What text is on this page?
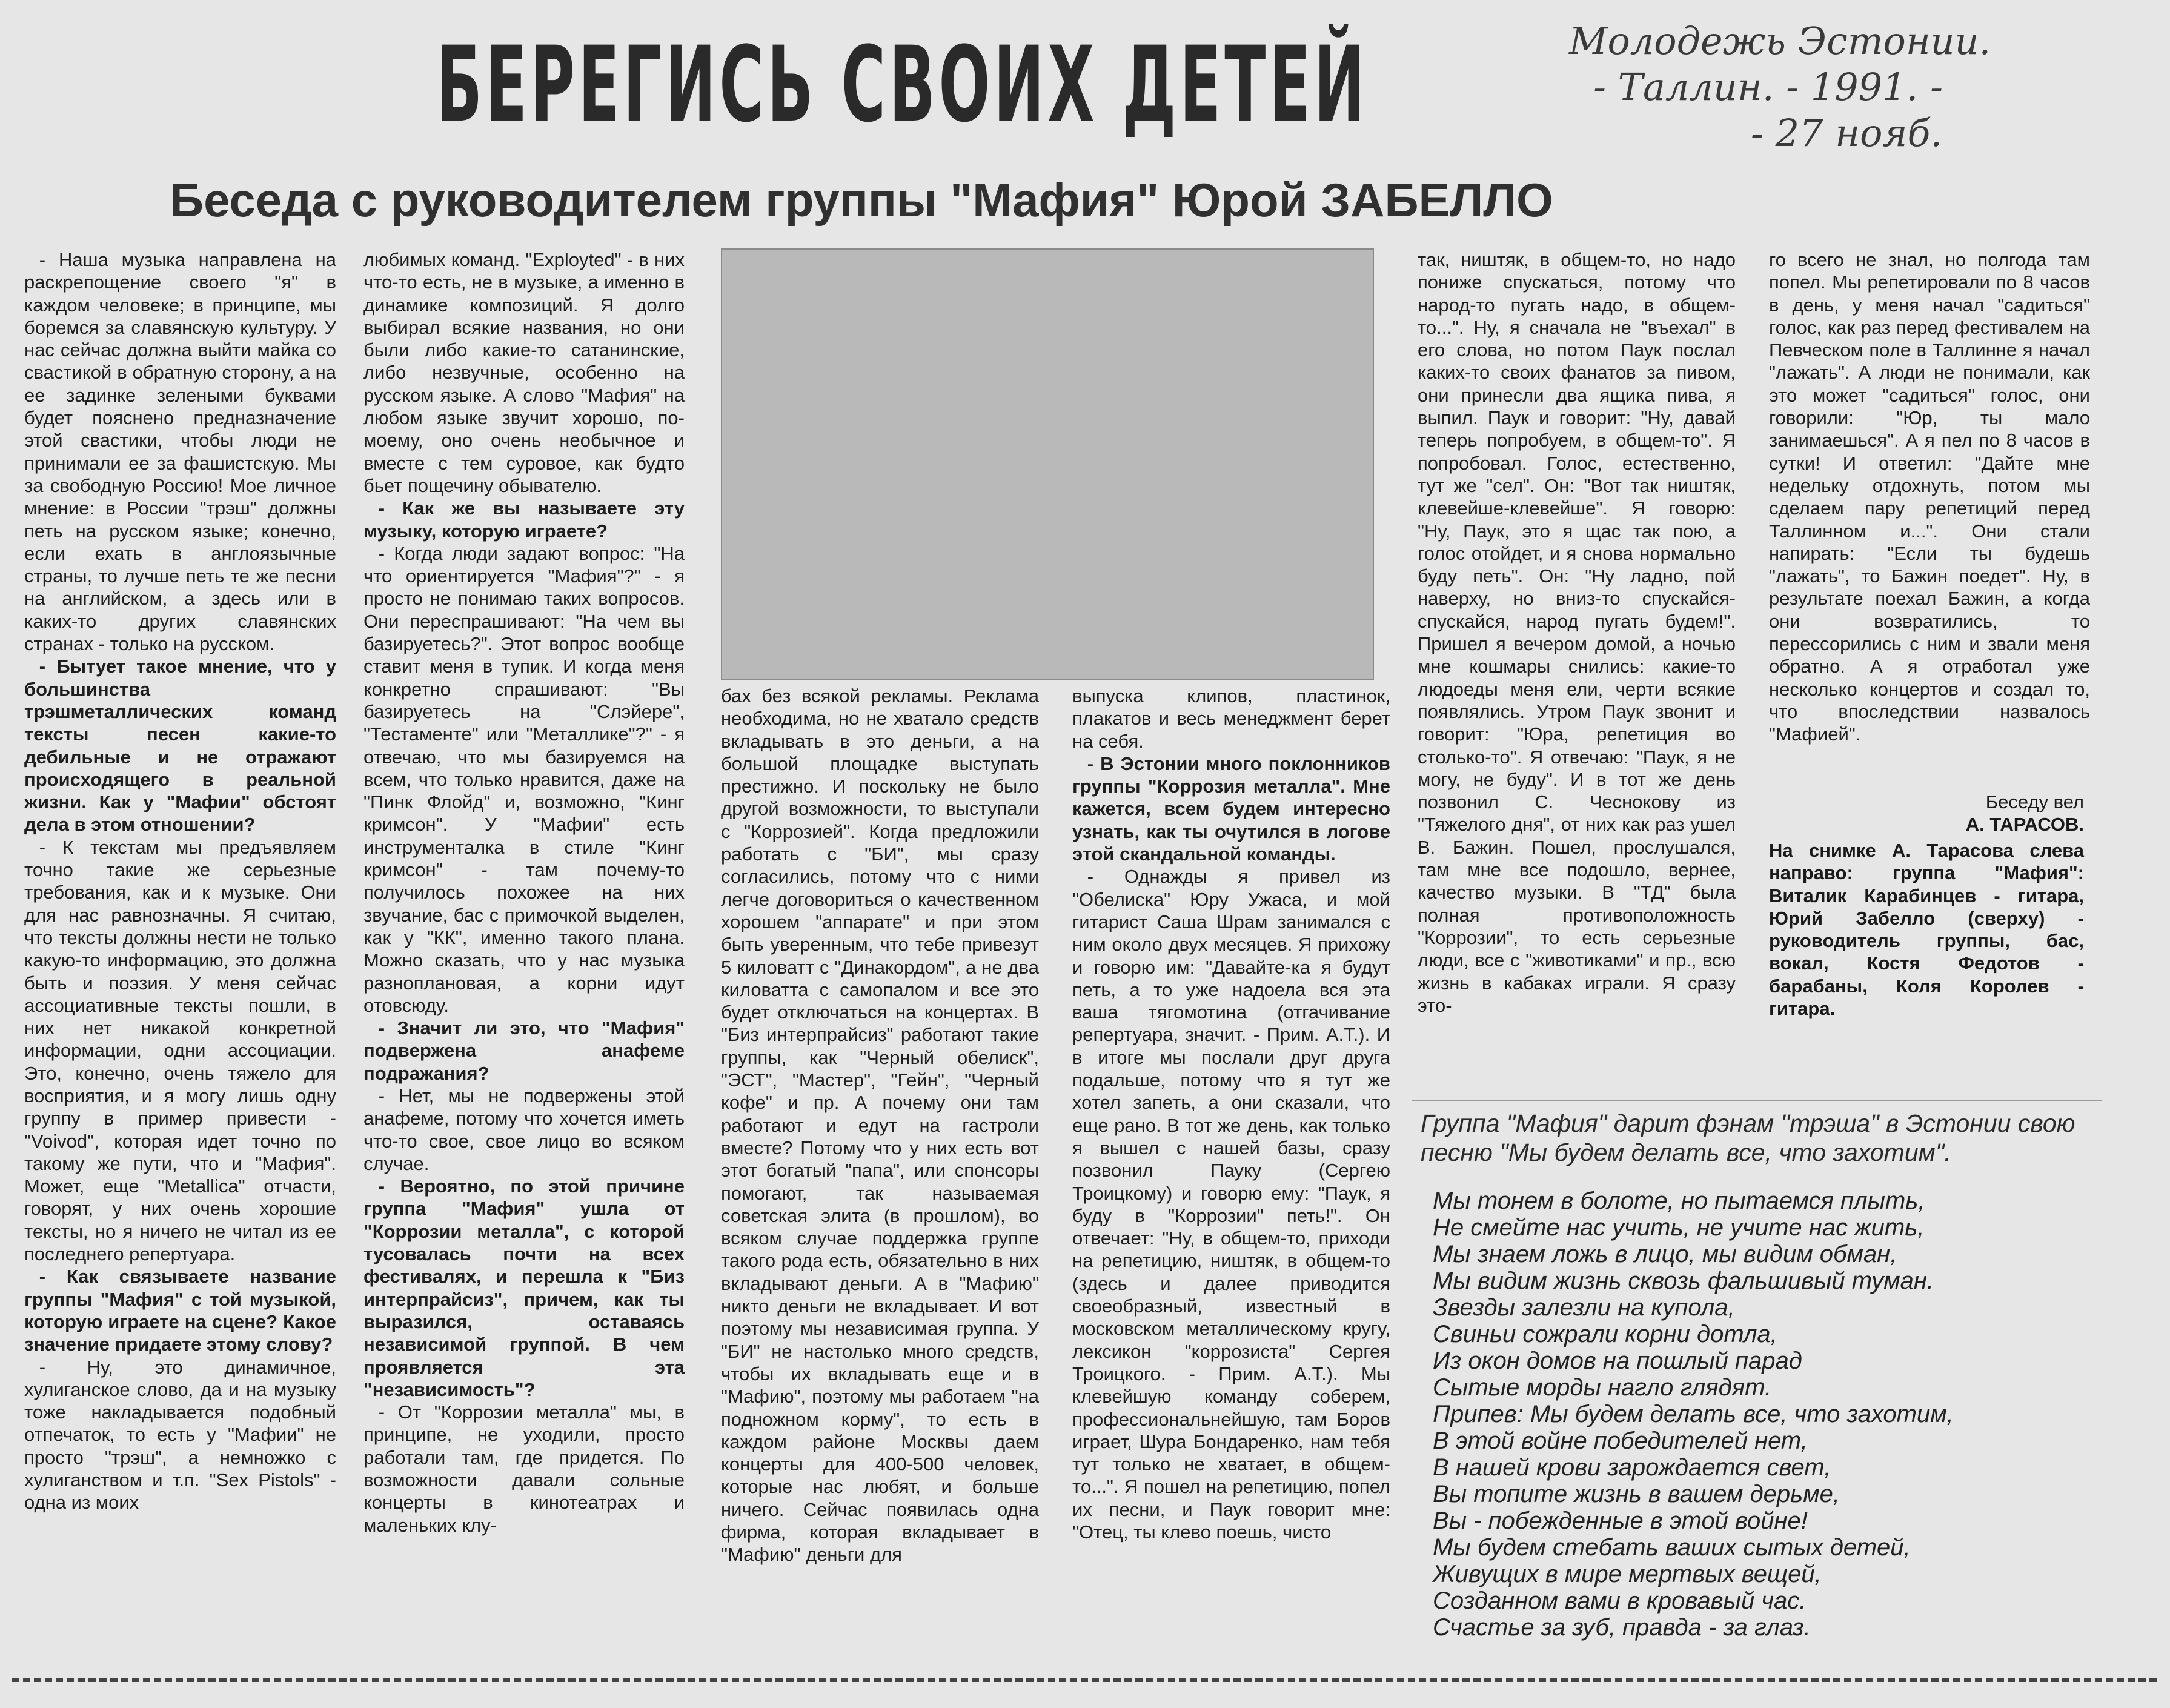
БЕРЕГИСЬ СВОИХ ДЕТЕЙ	Молодежь Эстонии.
- Таллин. - 1991. -
- 27 нояб.
Беседа с руководителем группы "Мафия" Юрой ЗАБЕЛЛО

- Наша музыка направлена на раскрепощение своего "я" в каждом человеке; в принципе, мы боремся за славянскую культуру. У нас сейчас должна выйти майка со свастикой в обратную сторону, а на ее задинке зелеными буквами будет пояснено предназначение этой свастики, чтобы люди не принимали ее за фашистскую. Мы за свободную Россию! Мое личное мнение: в России "трэш" должны петь на русском языке; конечно, если ехать в англоязычные страны, то лучше петь те же песни на английском, а здесь или в каких-то других славянских странах - только на русском.

- Бытует такое мнение, что у большинства трэшметаллических команд тексты песен какие-то дебильные и не отражают происходящего в реальной жизни. Как у "Мафии" обстоят дела в этом отношении?

- К текстам мы предъявляем точно такие же серьезные требования, как и к музыке. Они для нас равнозначны. Я считаю, что тексты должны нести не только какую-то информацию, это должна быть и поэзия. У меня сейчас ассоциативные тексты пошли, в них нет никакой конкретной информации, одни ассоциации. Это, конечно, очень тяжело для восприятия, и я могу лишь одну группу в пример привести - "Voivod", которая идет точно по такому же пути, что и "Мафия". Может, еще "Metallica" отчасти, говорят, у них очень хорошие тексты, но я ничего не читал из ее последнего репертуара.

- Как связываете название группы "Мафия" с той музыкой, которую играете на сцене? Какое значение придаете этому слову?

- Ну, это динамичное, хулиганское слово, да и на музыку тоже накладывается подобный отпечаток, то есть у "Мафии" не просто "трэш", а немножко с хулиганством и т.п. "Sex Pistols" - одна из моих

любимых команд. "Exployted" - в них что-то есть, не в музыке, а именно в динамике композиций. Я долго выбирал всякие названия, но они были либо какие-то сатанинские, либо незвучные, особенно на русском языке. А слово "Мафия" на любом языке звучит хорошо, по-моему, оно очень необычное и вместе с тем суровое, как будто бьет пощечину обывателю.

- Как же вы называете эту музыку, которую играете?

- Когда люди задают вопрос: "На что ориентируется "Мафия"?" - я просто не понимаю таких вопросов. Они переспрашивают: "На чем вы базируетесь?". Этот вопрос вообще ставит меня в тупик. И когда меня конкретно спрашивают: "Вы базируетесь на "Слэйере", "Тестаменте" или "Металлике"?" - я отвечаю, что мы базируемся на всем, что только нравится, даже на "Пинк Флойд" и, возможно, "Кинг кримсон". У "Мафии" есть инструменталка в стиле "Кинг кримсон" - там почему-то получилось похожее на них звучание, бас с примочкой выделен, как у "КК", именно такого плана. Можно сказать, что у нас музыка разноплановая, а корни идут отовсюду.

- Значит ли это, что "Мафия" подвержена анафеме подражания?

- Нет, мы не подвержены этой анафеме, потому что хочется иметь что-то свое, свое лицо во всяком случае.

- Вероятно, по этой причине группа "Мафия" ушла от "Коррозии металла", с которой тусовалась почти на всех фестивалях, и перешла к "Биз интерпрайсиз", причем, как ты выразился, оставаясь независимой группой. В чем проявляется эта "независимость"?

- От "Коррозии металла" мы, в принципе, не уходили, просто работали там, где придется. По возможности давали сольные концерты в кинотеатрах и маленьких клу-

бах без всякой рекламы. Реклама необходима, но не хватало средств вкладывать в это деньги, а на большой площадке выступать престижно. И поскольку не было другой возможности, то выступали с "Коррозией". Когда предложили работать с "БИ", мы сразу согласились, потому что с ними легче договориться о качественном хорошем "аппарате" и при этом быть уверенным, что тебе привезут 5 киловатт с "Динакордом", а не два киловатта с самопалом и все это будет отключаться на концертах. В "Биз интерпрайсиз" работают такие группы, как "Черный обелиск", "ЭСТ", "Мастер", "Гейн", "Черный кофе" и пр. А почему они там работают и едут на гастроли вместе? Потому что у них есть вот этот богатый "папа", или спонсоры помогают, так называемая советская элита (в прошлом), во всяком случае поддержка группе такого рода есть, обязательно в них вкладывают деньги. А в "Мафию" никто деньги не вкладывает. И вот поэтому мы независимая группа. У "БИ" не настолько много средств, чтобы их вкладывать еще и в "Мафию", поэтому мы работаем "на подножном корму", то есть в каждом районе Москвы даем концерты для 400-500 человек, которые нас любят, и больше ничего. Сейчас появилась одна фирма, которая вкладывает в "Мафию" деньги для

выпуска клипов, пластинок, плакатов и весь менеджмент берет на себя.

- В Эстонии много поклонников группы "Коррозия металла". Мне кажется, всем будем интересно узнать, как ты очутился в логове этой скандальной команды.

- Однажды я привел из "Обелиска" Юру Ужаса, и мой гитарист Саша Шрам занимался с ним около двух месяцев. Я прихожу и говорю им: "Давайте-ка я будут петь, а то уже надоела вся эта ваша тягомотина (отгачивание репертуара, значит. - Прим. А.Т.). И в итоге мы послали друг друга подальше, потому что я тут же хотел запеть, а они сказали, что еще рано. В тот же день, как только я вышел с нашей базы, сразу позвонил Пауку (Сергею Троицкому) и говорю ему: "Паук, я буду в "Коррозии" петь!". Он отвечает: "Ну, в общем-то, приходи на репетицию, ништяк, в общем-то (здесь и далее приводится своеобразный, известный в московском металлическому кругу, лексикон "коррозиста" Сергея Троицкого. - Прим. А.Т.). Мы клевейшую команду соберем, профессиональнейшую, там Боров играет, Шура Бондаренко, нам тебя тут только не хватает, в общем-то...". Я пошел на репетицию, попел их песни, и Паук говорит мне: "Отец, ты клево поешь, чисто

так, ништяк, в общем-то, но надо пониже спускаться, потому что народ-то пугать надо, в общем-то...". Ну, я сначала не "въехал" в его слова, но потом Паук послал каких-то своих фанатов за пивом, они принесли два ящика пива, я выпил. Паук и говорит: "Ну, давай теперь попробуем, в общем-то". Я попробовал. Голос, естественно, тут же "сел". Он: "Вот так ништяк, клевейше-клевейше". Я говорю: "Ну, Паук, это я щас так пою, а голос отойдет, и я снова нормально буду петь". Он: "Ну ладно, пой наверху, но вниз-то спускайся-спускайся, народ пугать будем!". Пришел я вечером домой, а ночью мне кошмары снились: какие-то людоеды меня ели, черти всякие появлялись. Утром Паук звонит и говорит: "Юра, репетиция во столько-то". Я отвечаю: "Паук, я не могу, не буду". И в тот же день позвонил С. Чеснокову из "Тяжелого дня", от них как раз ушел В. Бажин. Пошел, прослушался, там мне все подошло, вернее, качество музыки. В "ТД" была полная противоположность "Коррозии", то есть серьезные люди, все с "животиками" и пр., всю жизнь в кабаках играли. Я сразу это-

го всего не знал, но полгода там попел. Мы репетировали по 8 часов в день, у меня начал "садиться" голос, как раз перед фестивалем на Певческом поле в Таллинне я начал "лажать". А люди не понимали, как это может "садиться" голос, они говорили: "Юр, ты мало занимаешься". А я пел по 8 часов в сутки! И ответил: "Дайте мне недельку отдохнуть, потом мы сделаем пару репетиций перед Таллинном и...". Они стали напирать: "Если ты будешь "лажать", то Бажин поедет". Ну, в результате поехал Бажин, а когда они возвратились, то перессорились с ним и звали меня обратно. А я отработал уже несколько концертов и создал то, что впоследствии назвалось "Мафией".

Беседу вел
А. ТАРАСОВ.
На снимке А. Тарасова слева направо: группа "Мафия": Виталик Карабинцев - гитара, Юрий Забелло (сверху) - руководитель группы, бас, вокал, Костя Федотов - барабаны, Коля Королев - гитара.
Группа "Мафия" дарит фэнам "трэша" в Эстонии свою песню "Мы будем делать все, что захотим".
Мы тонем в болоте, но пытаемся плыть,
Не смейте нас учить, не учите нас жить,
Мы знаем ложь в лицо, мы видим обман,
Мы видим жизнь сквозь фальшивый туман.
Звезды залезли на купола,
Свиньи сожрали корни дотла,
Из окон домов на пошлый парад
Сытые морды нагло глядят.
Припев: Мы будем делать все, что захотим,
В этой войне победителей нет,
В нашей крови зарождается свет,
Вы топите жизнь в вашем дерьме,
Вы - побежденные в этой войне!
Мы будем стебать ваших сытых детей,
Живущих в мире мертвых вещей,
Созданном вами в кровавый час.
Счастье за зуб, правда - за глаз.
